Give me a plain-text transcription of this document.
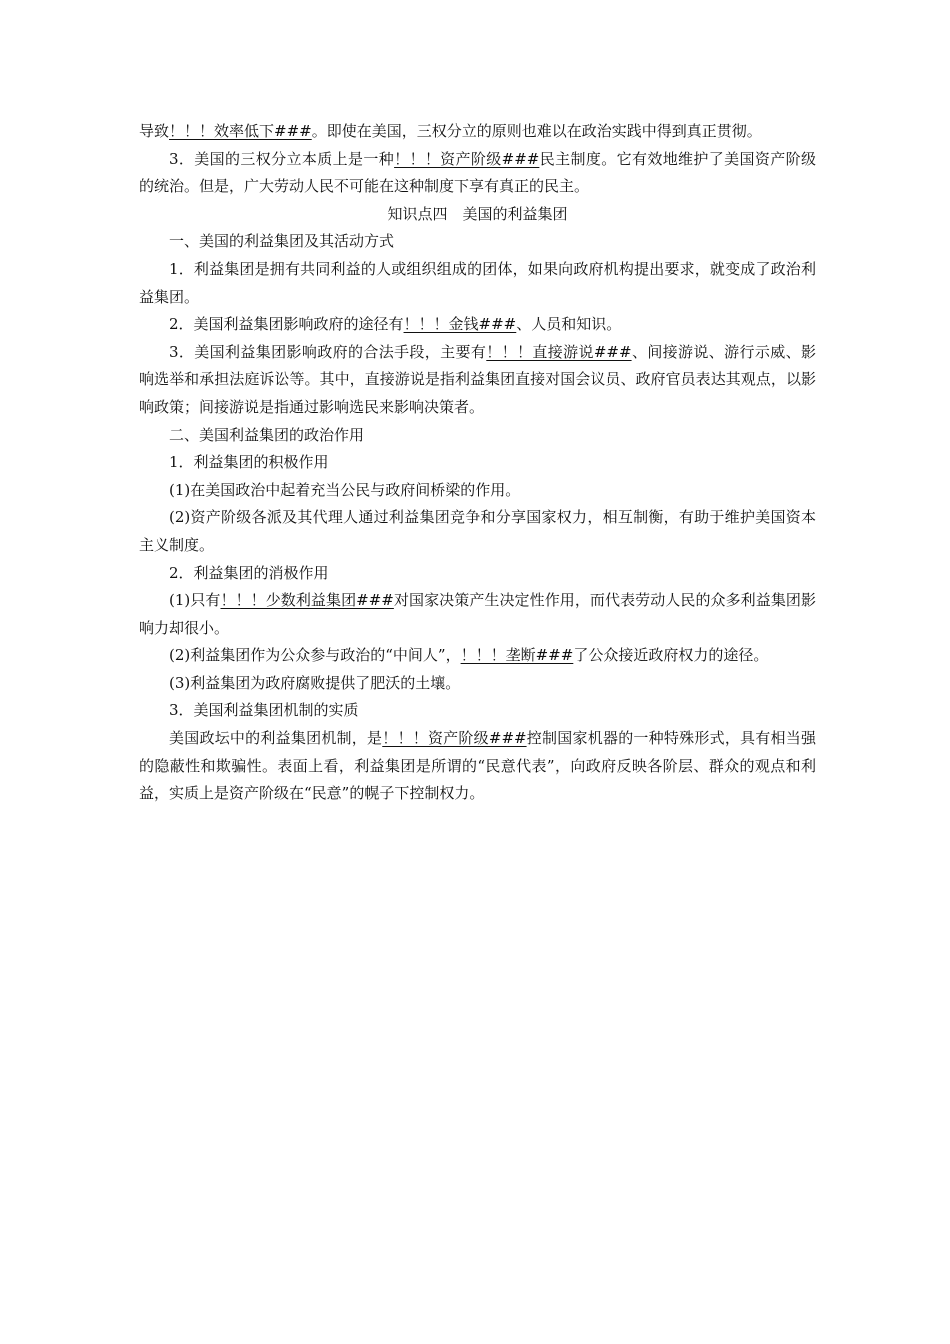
导致！！！效率低下###。即使在美国，三权分立的原则也难以在政治实践中得到真正贯彻。

3．美国的三权分立本质上是一种！！！资产阶级###民主制度。它有效地维护了美国资产阶级的统治。但是，广大劳动人民不可能在这种制度下享有真正的民主。

知识点四　美国的利益集团

一、美国的利益集团及其活动方式

1．利益集团是拥有共同利益的人或组织组成的团体，如果向政府机构提出要求，就变成了政治利益集团。

2．美国利益集团影响政府的途径有！！！金钱###、人员和知识。

3．美国利益集团影响政府的合法手段，主要有！！！直接游说###、间接游说、游行示威、影响选举和承担法庭诉讼等。其中，直接游说是指利益集团直接对国会议员、政府官员表达其观点，以影响政策；间接游说是指通过影响选民来影响决策者。

二、美国利益集团的政治作用

1．利益集团的积极作用

(1)在美国政治中起着充当公民与政府间桥梁的作用。

(2)资产阶级各派及其代理人通过利益集团竞争和分享国家权力，相互制衡，有助于维护美国资本主义制度。

2．利益集团的消极作用

(1)只有！！！少数利益集团###对国家决策产生决定性作用，而代表劳动人民的众多利益集团影响力却很小。

(2)利益集团作为公众参与政治的“中间人”，！！！垄断###了公众接近政府权力的途径。

(3)利益集团为政府腐败提供了肥沃的土壤。

3．美国利益集团机制的实质

美国政坛中的利益集团机制，是！！！资产阶级###控制国家机器的一种特殊形式，具有相当强的隐蔽性和欺骗性。表面上看，利益集团是所谓的“民意代表”，向政府反映各阶层、群众的观点和利益，实质上是资产阶级在“民意”的幌子下控制权力。
